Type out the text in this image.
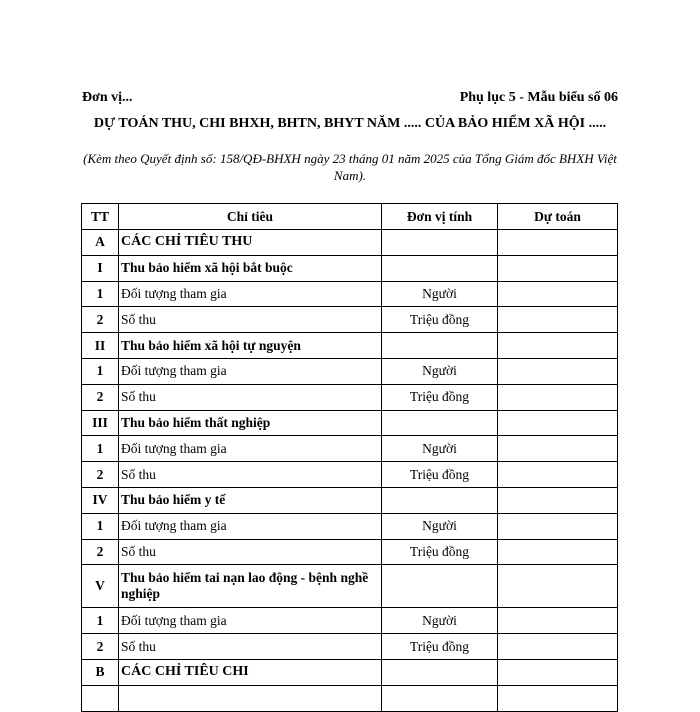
Đơn vị...	Phụ lục 5 - Mẫu biểu số 06
DỰ TOÁN THU, CHI BHXH, BHTN, BHYT NĂM ..... CỦA BẢO HIỂM XÃ HỘI .....
(Kèm theo Quyết định số: 158/QĐ-BHXH ngày 23 tháng 01 năm 2025 của Tổng Giám đốc BHXH Việt Nam).
TT	Chỉ tiêu	Đơn vị tính	Dự toán
A	CÁC CHỈ TIÊU THU		
I	Thu bảo hiểm xã hội bắt buộc		
1	Đối tượng tham gia	Người	
2	Số thu	Triệu đồng	
II	Thu bảo hiểm xã hội tự nguyện		
1	Đối tượng tham gia	Người	
2	Số thu	Triệu đồng	
III	Thu bảo hiểm thất nghiệp		
1	Đối tượng tham gia	Người	
2	Số thu	Triệu đồng	
IV	Thu bảo hiểm y tế		
1	Đối tượng tham gia	Người	
2	Số thu	Triệu đồng	
V	Thu bảo hiểm tai nạn lao động - bệnh nghề nghiệp		
1	Đối tượng tham gia	Người	
2	Số thu	Triệu đồng	
B	CÁC CHỈ TIÊU CHI		
